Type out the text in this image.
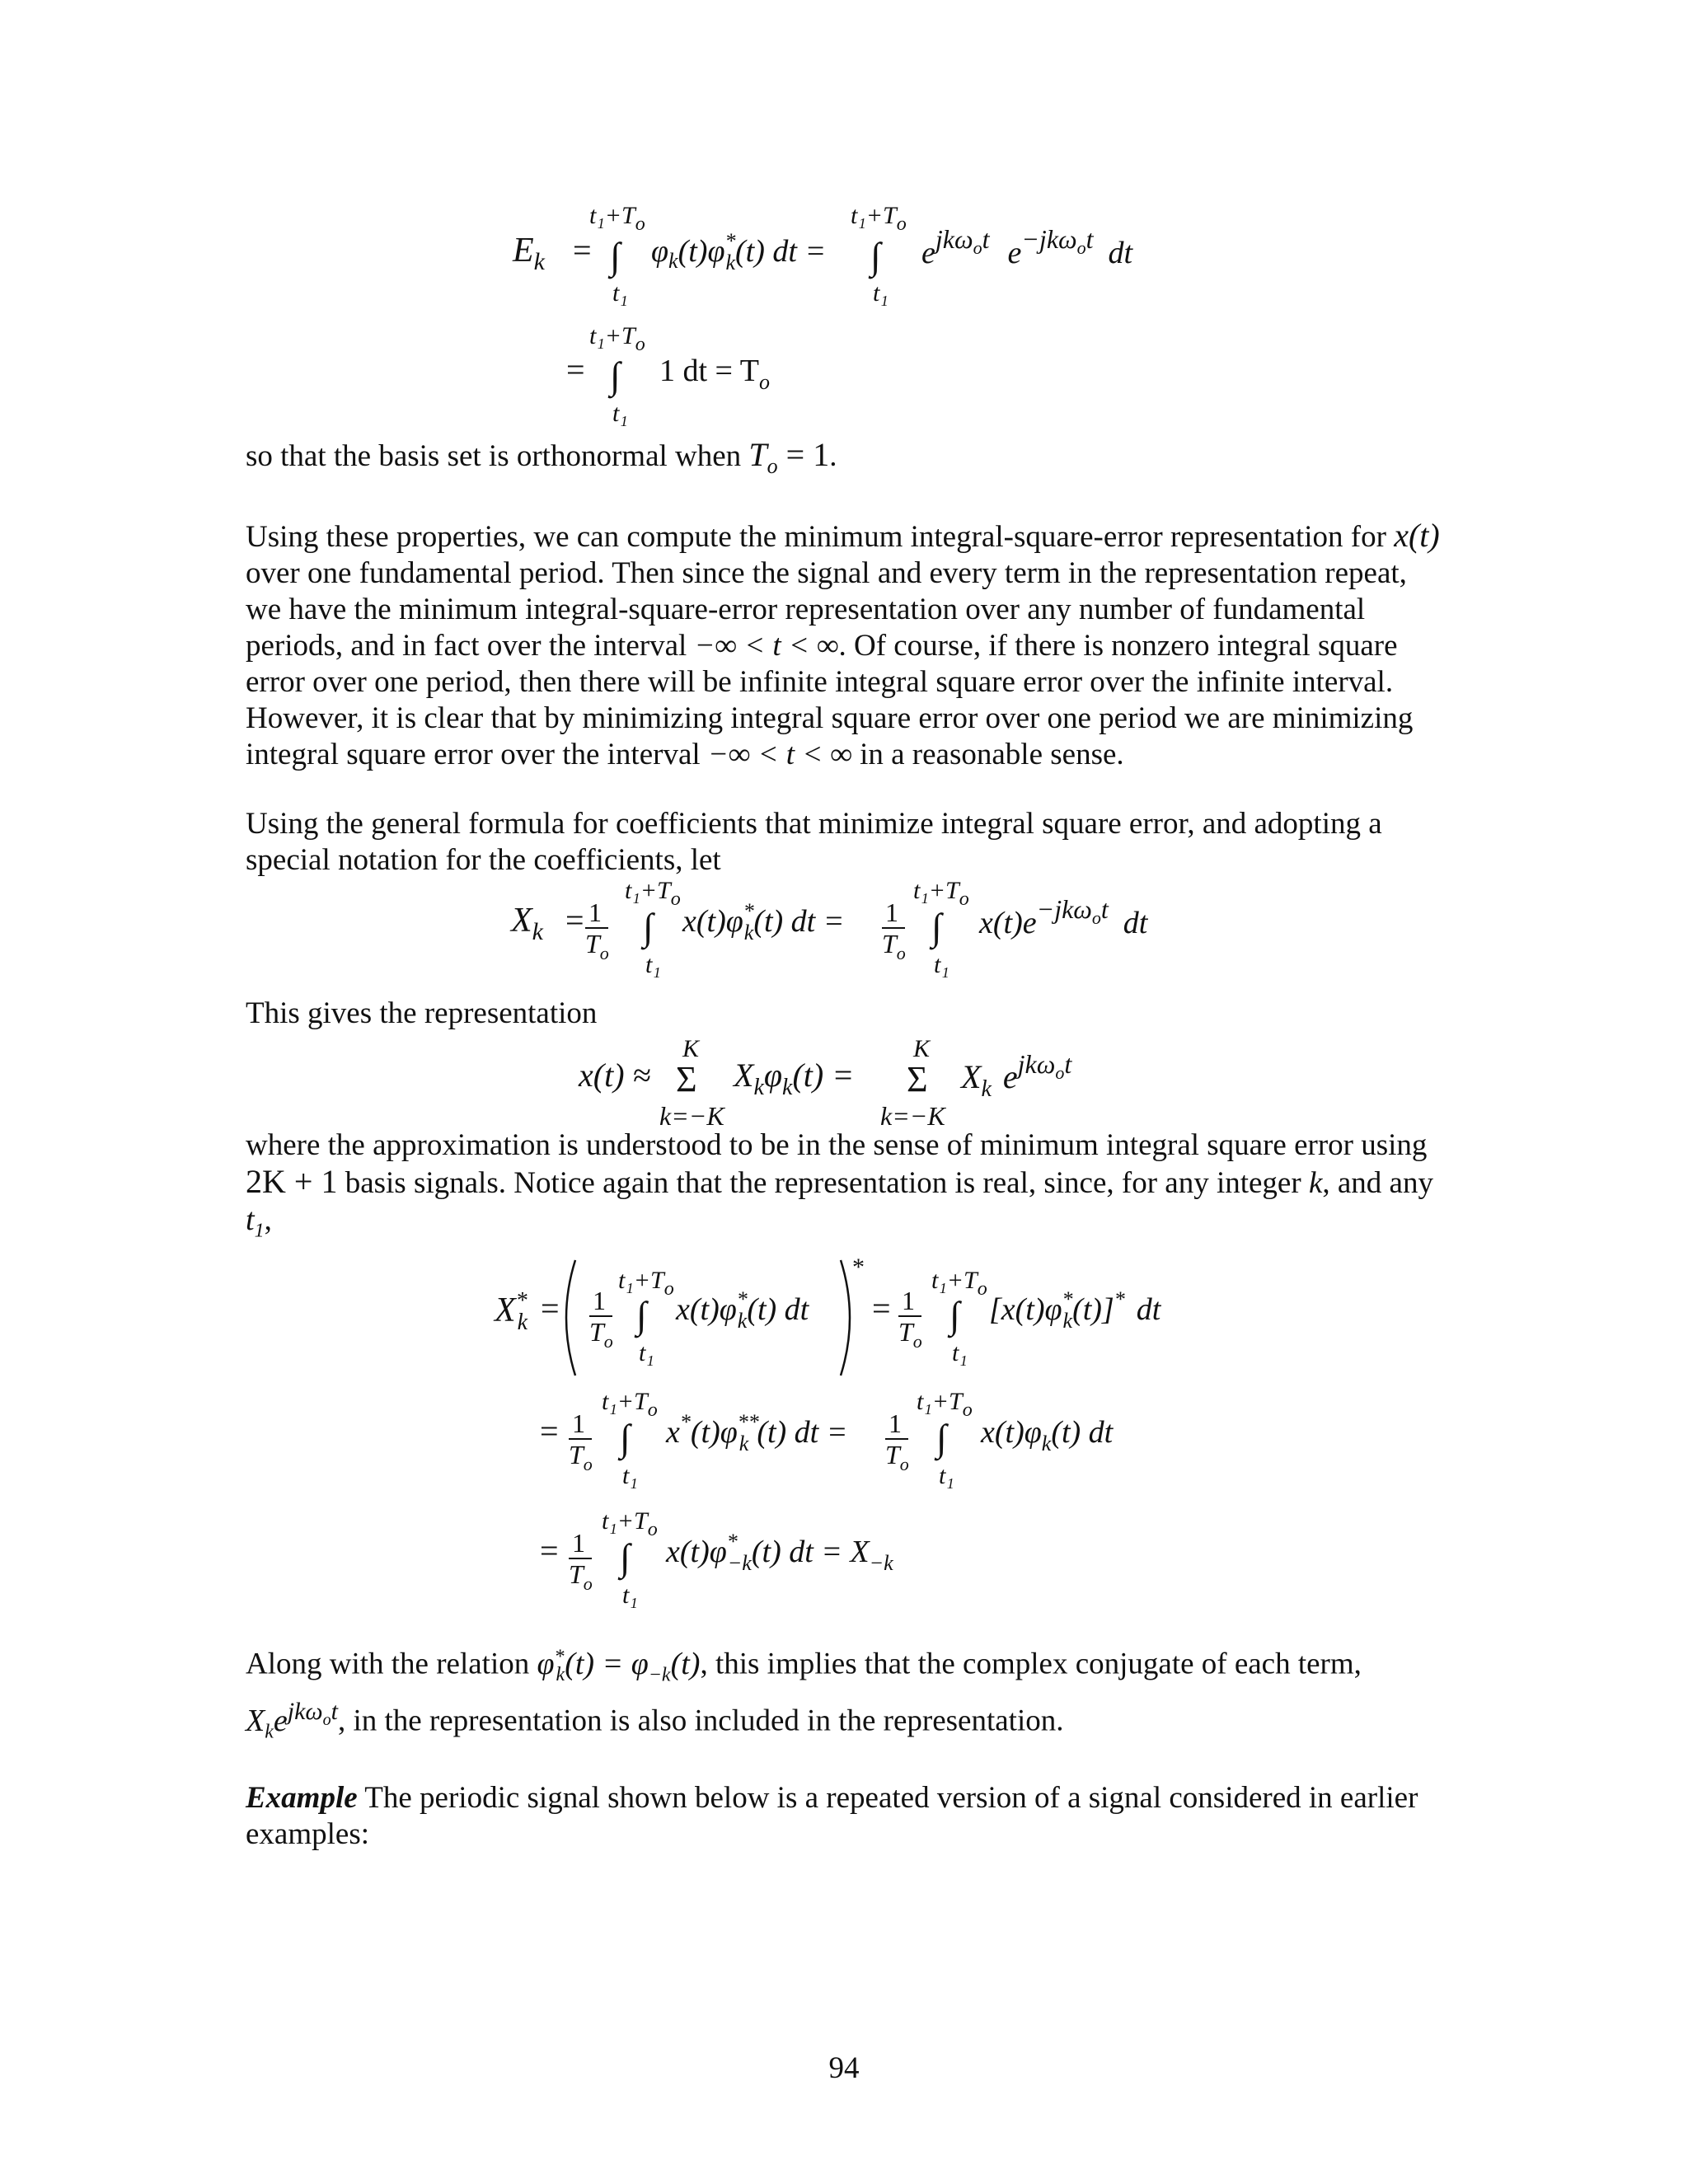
$E_k$ =
$t_1+T_o$
∫
t₁
$\varphi_k(t)\varphi^*$ k(t) dt =
$t_1+T_o$
∫
t₁
$e^{jk\omega}ot$ $e^{-jk\omega}ot$ dt
=
$t_1+T_o$
∫
t₁
1 dt = $T_o$

so that the basis set is orthonormal when $T_o = 1$.

Using these properties, we can compute the minimum integral-square-error representation for x(t) over one fundamental period. Then since the signal and every term in the representation repeat, we have the minimum integral-square-error representation over any number of fundamental periods, and in fact over the interval −∞ < t < ∞. Of course, if there is nonzero integral square error over one period, then there will be infinite integral square error over the infinite interval. However, it is clear that by minimizing integral square error over one period we are minimizing integral square error over the interval −∞ < t < ∞ in a reasonable sense.

Using the general formula for coefficients that minimize integral square error, and adopting a special notation for the coefficients, let

$X_k = 1$
$T_o$
$t_1+T_o$
∫
t₁
x(t)φ* k(t) dt = 1
$T_o$
$t_1+T_o$
∫
t₁
$x(t)e^{-jk\omega}ot$ dt

This gives the representation

x(t) ≈
K
Σ
k=−K
$X_k\varphi_k(t)$ =
K
Σ
k=−K
$X_k$ $e^{jk\omega}ot$

where the approximation is understood to be in the sense of minimum integral square error using 2K + 1 basis signals. Notice again that the representation is real, since, for any integer k, and any $t_1$,

X* k = 1
$T_o$
$t_1+T_o$
∫
t₁
x(t)φ* k(t) dt
*
= 1
$T_o$
$t_1+T_o$
∫
t₁
[x(t)φ* k(t)]* dt
= 1
$T_o$
$t_1+T_o$
∫
t₁
x*(t)φ** k (t) dt = 1
$T_o$
$t_1+T_o$
∫
t₁
$x(t)\varphi_k(t)$ dt
= 1
$T_o$
$t_1+T_o$
∫
t₁
x(t)φ* −k(t) dt = $X_{-k}$

Along with the relation $\varphi^*_k(t) = \varphi_{-k}(t)$, this implies that the complex conjugate of each term,

$X_ke^{jk\omega_ot}$, in the representation is also included in the representation.

Example The periodic signal shown below is a repeated version of a signal considered in earlier examples:

94
